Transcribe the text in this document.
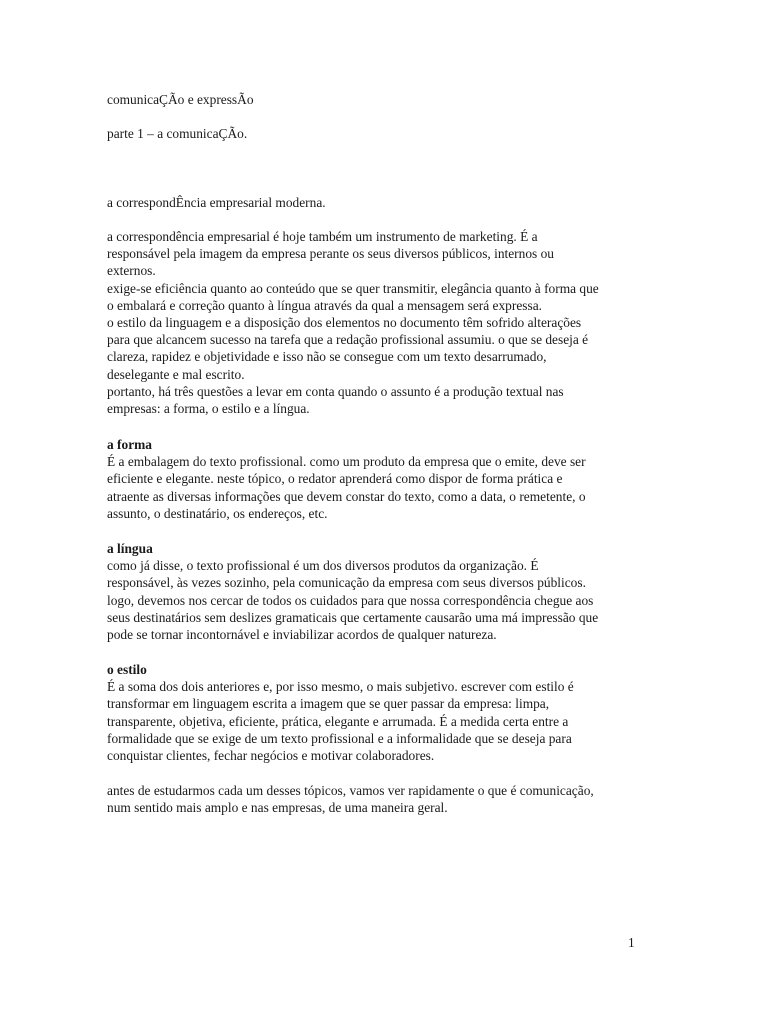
comunicaÇÃo e expressÃo

parte 1 – a comunicaÇÃo.

a correspondÊncia empresarial moderna.

a correspondência empresarial é hoje também um instrumento de marketing. É a
responsável pela imagem da empresa perante os seus diversos públicos, internos ou
externos.
exige-se eficiência quanto ao conteúdo que se quer transmitir, elegância quanto à forma que
o embalará e correção quanto à língua através da qual a mensagem será expressa.
o estilo da linguagem e a disposição dos elementos no documento têm sofrido alterações
para que alcancem sucesso na tarefa que a redação profissional assumiu. o que se deseja é
clareza, rapidez e objetividade e isso não se consegue com um texto desarrumado,
deselegante e mal escrito.
portanto, há três questões a levar em conta quando o assunto é a produção textual nas
empresas: a forma, o estilo e a língua.
a forma
É a embalagem do texto profissional. como um produto da empresa que o emite, deve ser
eficiente e elegante. neste tópico, o redator aprenderá como dispor de forma prática e
atraente as diversas informações que devem constar do texto, como a data, o remetente, o
assunto, o destinatário, os endereços, etc.
a língua
como já disse, o texto profissional é um dos diversos produtos da organização. É
responsável, às vezes sozinho, pela comunicação da empresa com seus diversos públicos.
logo, devemos nos cercar de todos os cuidados para que nossa correspondência chegue aos
seus destinatários sem deslizes gramaticais que certamente causarão uma má impressão que
pode se tornar incontornável e inviabilizar acordos de qualquer natureza.
o estilo
É a soma dos dois anteriores e, por isso mesmo, o mais subjetivo. escrever com estilo é
transformar em linguagem escrita a imagem que se quer passar da empresa: limpa,
transparente, objetiva, eficiente, prática, elegante e arrumada. É a medida certa entre a
formalidade que se exige de um texto profissional e a informalidade que se deseja para
conquistar clientes, fechar negócios e motivar colaboradores.
antes de estudarmos cada um desses tópicos, vamos ver rapidamente o que é comunicação,
num sentido mais amplo e nas empresas, de uma maneira geral.
1
